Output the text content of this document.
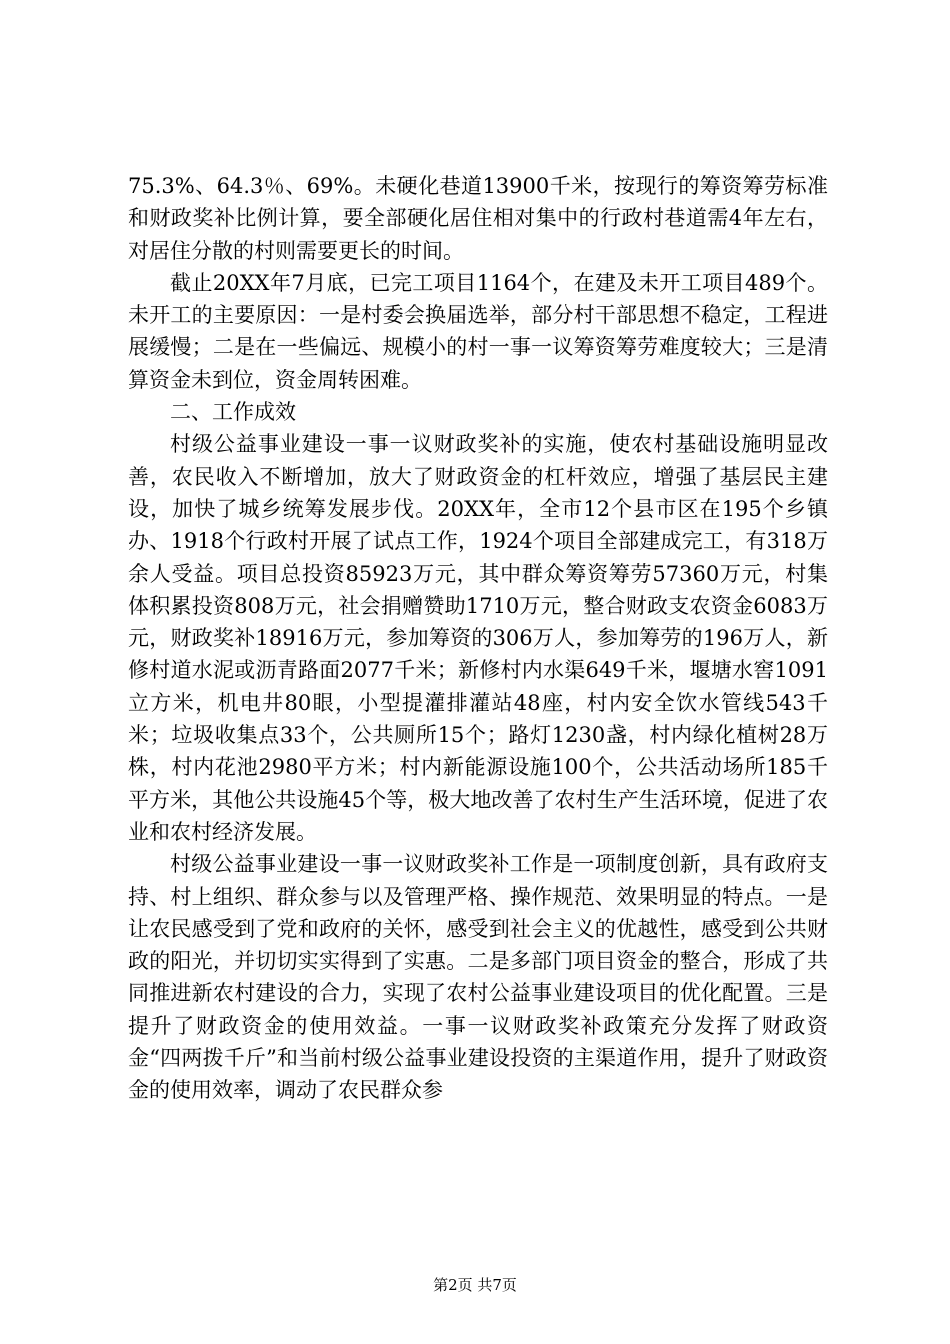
75.3%、64.3％、69%。未硬化巷道13900千米，按现行的筹资筹劳标准和财政奖补比例计算，要全部硬化居住相对集中的行政村巷道需4年左右，对居住分散的村则需要更长的时间。

截止20XX年7月底，已完工项目1164个，在建及未开工项目489个。未开工的主要原因：一是村委会换届选举，部分村干部思想不稳定，工程进展缓慢；二是在一些偏远、规模小的村一事一议筹资筹劳难度较大；三是清算资金未到位，资金周转困难。

二、工作成效

村级公益事业建设一事一议财政奖补的实施，使农村基础设施明显改善，农民收入不断增加，放大了财政资金的杠杆效应，增强了基层民主建设，加快了城乡统筹发展步伐。20XX年，全市12个县市区在195个乡镇办、1918个行政村开展了试点工作，1924个项目全部建成完工，有318万余人受益。项目总投资85923万元，其中群众筹资筹劳57360万元，村集体积累投资808万元，社会捐赠赞助1710万元，整合财政支农资金6083万元，财政奖补18916万元，参加筹资的306万人，参加筹劳的196万人，新修村道水泥或沥青路面2077千米；新修村内水渠649千米，堰塘水窖1091立方米，机电井80眼，小型提灌排灌站48座，村内安全饮水管线543千米；垃圾收集点33个，公共厕所15个；路灯1230盏，村内绿化植树28万株，村内花池2980平方米；村内新能源设施100个，公共活动场所185千平方米，其他公共设施45个等，极大地改善了农村生产生活环境，促进了农业和农村经济发展。

村级公益事业建设一事一议财政奖补工作是一项制度创新，具有政府支持、村上组织、群众参与以及管理严格、操作规范、效果明显的特点。一是让农民感受到了党和政府的关怀，感受到社会主义的优越性，感受到公共财政的阳光，并切切实实得到了实惠。二是多部门项目资金的整合，形成了共同推进新农村建设的合力，实现了农村公益事业建设项目的优化配置。三是提升了财政资金的使用效益。一事一议财政奖补政策充分发挥了财政资金“四两拨千斤”和当前村级公益事业建设投资的主渠道作用，提升了财政资金的使用效率，调动了农民群众参

第2页 共7页
